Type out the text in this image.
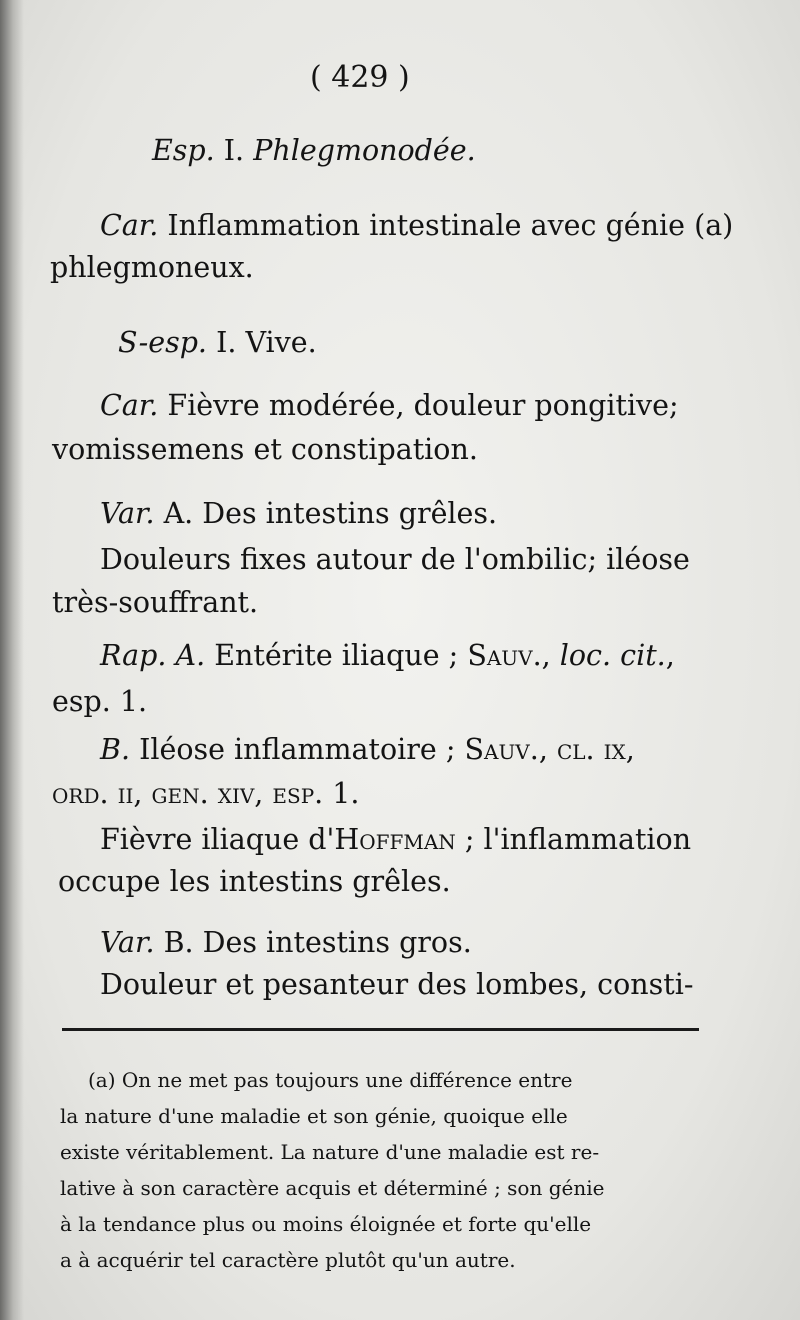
( 429 )
Esp. I. Phlegmonodée.
Car. Inflammation intestinale avec génie (a)
phlegmoneux.
S-esp. I. Vive.
Car. Fièvre modérée, douleur pongitive;
vomissemens et constipation.
Var. A. Des intestins grêles.
Douleurs fixes autour de l'ombilic; iléose
très-souffrant.
Rap. A. Entérite iliaque ; Sauv., loc. cit.,
esp. 1.
B. Iléose inflammatoire ; Sauv., cl. ix,
ord. ii, gen. xiv, esp. 1.
Fièvre iliaque d'Hoffman ; l'inflammation
occupe les intestins grêles.
Var. B. Des intestins gros.
Douleur et pesanteur des lombes, consti-
(a) On ne met pas toujours une différence entre
la nature d'une maladie et son génie, quoique elle
existe véritablement. La nature d'une maladie est re-
lative à son caractère acquis et déterminé ; son génie
à la tendance plus ou moins éloignée et forte qu'elle
a à acquérir tel caractère plutôt qu'un autre.
